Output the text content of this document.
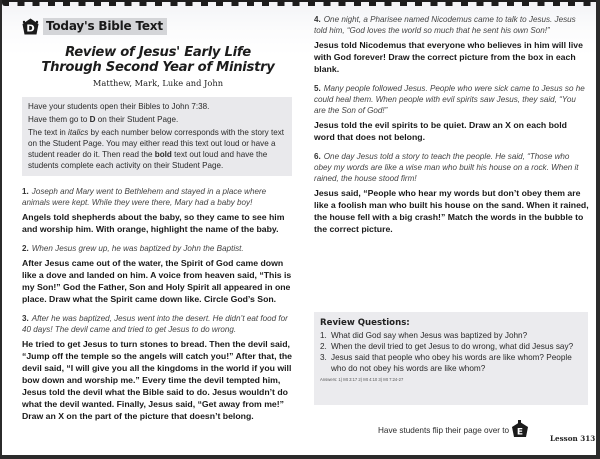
D Today's Bible Text
Review of Jesus' Early Life
Through Second Year of Ministry
Matthew, Mark, Luke and John

Have your students open their Bibles to John 7:38.

Have them go to D on their Student Page.

The text in italics by each number below corresponds with the story text on the Student Page. You may either read this text out loud or have a student reader do it. Then read the bold text out loud and have the students complete each activity on their Student Page.

1. Joseph and Mary went to Bethlehem and stayed in a place where animals were kept. While they were there, Mary had a baby boy!
Angels told shepherds about the baby, so they came to see him and worship him. With orange, highlight the name of the baby.
2. When Jesus grew up, he was baptized by John the Baptist.
After Jesus came out of the water, the Spirit of God came down like a dove and landed on him. A voice from heaven said, “This is my Son!” God the Father, Son and Holy Spirit all appeared in one place. Draw what the Spirit came down like. Circle God’s Son.
3. After he was baptized, Jesus went into the desert. He didn’t eat food for 40 days! The devil came and tried to get Jesus to do wrong.
He tried to get Jesus to turn stones to bread. Then the devil said, “Jump off the temple so the angels will catch you!” After that, the devil said, “I will give you all the kingdoms in the world if you will bow down and worship me.” Every time the devil tempted him, Jesus told the devil what the Bible said to do. Jesus wouldn’t do what the devil wanted. Finally, Jesus said, “Get away from me!” Draw an X on the part of the picture that doesn’t belong.
4. One night, a Pharisee named Nicodemus came to talk to Jesus. Jesus told him, “God loves the world so much that he sent his own Son!”
Jesus told Nicodemus that everyone who believes in him will live with God forever! Draw the correct picture from the box in each blank.
5. Many people followed Jesus. People who were sick came to Jesus so he could heal them. When people with evil spirits saw Jesus, they said, “You are the Son of God!”
Jesus told the evil spirits to be quiet. Draw an X on each bold word that does not belong.
6. One day Jesus told a story to teach the people. He said, “Those who obey my words are like a wise man who built his house on a rock. When it rained, the house stood firm!
Jesus said, “People who hear my words but don’t obey them are like a foolish man who built his house on the sand. When it rained, the house fell with a big crash!” Match the words in the bubble to the correct picture.
Review Questions:
1. What did God say when Jesus was baptized by John?
2. When the devil tried to get Jesus to do wrong, what did Jesus say?
3. Jesus said that people who obey his words are like whom? People who do not obey his words are like whom?
Answers: 1) Mt 3:17 2) Mt 4:10 3) Mt 7:24-27
Have students flip their page over to E
Lesson 313
